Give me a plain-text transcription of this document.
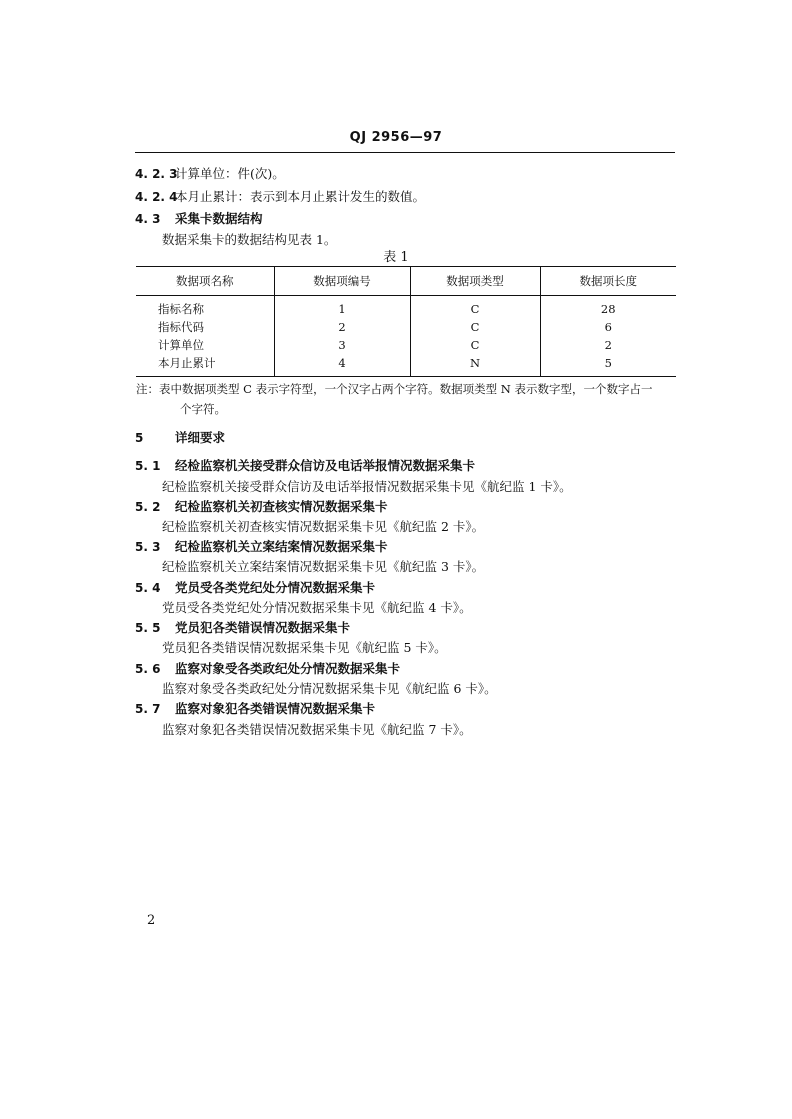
QJ 2956—97
4. 2. 3 计算单位：件(次)。
4. 2. 4 本月止累计：表示到本月止累计发生的数值。
4. 3 采集卡数据结构
数据采集卡的数据结构见表 1。
表 1
数据项名称	数据项编号	数据项类型	数据项长度
指标名称	1	C	28
指标代码	2	C	6
计算单位	3	C	2
本月止累计	4	N	5
注：表中数据项类型 C 表示字符型，一个汉字占两个字符。数据项类型 N 表示数字型，一个数字占一
个字符。
5	详细要求
5. 1 经检监察机关接受群众信访及电话举报情况数据采集卡
纪检监察机关接受群众信访及电话举报情况数据采集卡见《航纪监 1 卡》。
5. 2 纪检监察机关初查核实情况数据采集卡
纪检监察机关初查核实情况数据采集卡见《航纪监 2 卡》。
5. 3 纪检监察机关立案结案情况数据采集卡
纪检监察机关立案结案情况数据采集卡见《航纪监 3 卡》。
5. 4 党员受各类党纪处分情况数据采集卡
党员受各类党纪处分情况数据采集卡见《航纪监 4 卡》。
5. 5 党员犯各类错误情况数据采集卡
党员犯各类错误情况数据采集卡见《航纪监 5 卡》。
5. 6 监察对象受各类政纪处分情况数据采集卡
监察对象受各类政纪处分情况数据采集卡见《航纪监 6 卡》。
5. 7 监察对象犯各类错误情况数据采集卡
监察对象犯各类错误情况数据采集卡见《航纪监 7 卡》。
2
